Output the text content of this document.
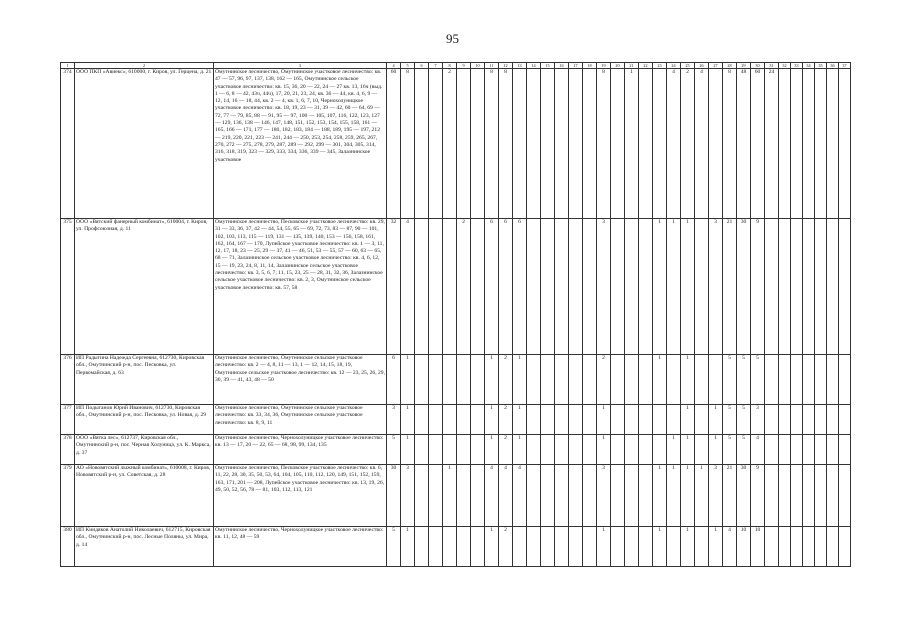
95
1	2	3	4	5	6	7	8	9	10	11	12	13	14	15	16	17	18	19	20	21	22	23	24	25	26	27	28	29	30	31	32	33	34	35	36	37
374	ООО ПКП «Авиекс», 610000, г. Киров, ул. Герцена, д. 21	Омутнинское лесничество, Омутнинское участковое лесничество: кв. 47 — 57, 96, 97, 137, 138, 162 — 165, Омутнинское сельское участковое лесничество: кв. 15, 36, 20 — 22, 24 — 27 кв. 13, 16ч (выд. 1 — 6, 8 — 42, 43ч, 44ч), 17, 20, 21, 23, 24, кв. 36 — 44, кв. 4, 6, 9 — 12, 14, 16 — 18, 44, кв. 2 — 4, кв. 1, 6, 7, 10, Чернохолуницкое участковое лесничество: кв. 18, 19, 23 — 31, 39 — 42, 60 — 64, 69 — 72, 77 — 79, 85, 88 — 91, 95 — 97, 100 — 105, 107, 116, 122, 123, 127 — 129, 136, 138 — 146, 147, 148, 151, 152, 153, 154, 155, 158, 161 — 165, 166 — 171, 177 — 180, 182, 183, 184 — 188, 189, 195 — 197, 212 — 219, 220, 221, 223 — 241, 244 — 250, 253, 254, 258, 259, 265, 267, 270, 272 — 275, 278, 279, 287, 289 — 292, 299 — 301, 304, 305, 314, 316, 318, 319, 323 — 329, 333, 334, 336, 339 — 345, Залазнинское участковое	60	8			2			8	8							8		1			4	2	4		8	48	60	24						
375	ООО «Вятский фанерный комбинат», 610004, г. Киров, ул. Профсоюзная, д. 11	Омутнинское лесничество, Песковское участковое лесничество: кв. 29, 31 — 33, 36, 37, 42 — 44, 54, 55, 65 — 69, 72, 73, 83 — 87, 90 — 101, 102, 103, 113, 115 — 119, 131 — 135, 139, 140, 153 — 156, 158, 161, 162, 164, 167 — 170, Лупейское участковое лесничество: кв. 1 — 3, 11, 12, 17, 18, 23 — 25, 29 — 37, 41 — 46, 51, 53 — 55, 57 — 60, 63 — 65, 68 — 71, Залазнинское сельское участковое лесничество: кв. 4, 6, 12, 15 — 19, 23, 24, 8, 11, 14, Залазнинское сельское участковое лесничество: кв. 3, 5, 6, 7, 11, 15, 23, 25 — 28, 31, 32, 36, Залазнинское сельское участковое лесничество: кв. 2, 3, Омутнинское сельское участковое лесничество: кв. 57, 58	32	4				2		6	6	6						3				1	1	1		3	21	30	9							
376	ИП Радыгина Надежда Сергеевна, 612730, Кировская обл., Омутнинский р-н, пос. Песковка, ул. Первомайская, д. 63	Омутнинское лесничество, Омутнинское сельское участковое лесничество: кв. 2 — 4, 8, 11 — 13, 1 — 12, 14, 15, 18, 19, Омутнинское сельское участковое лесничество: кв. 12 — 23, 25, 26, 29, 30, 39 — 41, 43, 48 — 50	6	1						1	2	1						2				1		1			5	5	5							
377	ИП Подыганов Юрий Иванович, 612730, Кировская обл., Омутнинский р-н, пос. Песковка, ул. Новая, д. 29	Омутнинское лесничество, Омутнинское сельское участковое лесничество: кв. 33, 34, 36, Омутнинское сельское участковое лесничество: кв. 8, 9, 11	3	1						1	2	1						1						1		1	5	5	3							
378	ООО «Вятка лес», 612737, Кировская обл., Омутнинский р-н, пос. Черная Холуница, ул. К. Маркса, д. 37	Омутнинское лесничество, Чернохолуницкое участковое лесничество: кв. 13 — 17, 20 — 22, 65 — 68, 98, 99, 134, 135	5	1						1	2	1						1					1	1		1	5	5	4							
379	АО «Нововятский лыжный комбинат», 610008, г. Киров, Нововятский р-н, ул. Советская, д. 28	Омутнинское лесничество, Песковское участковое лесничество: кв. 6, 11, 22, 28, 30, 35, 50, 53, 64, 104, 105, 110, 112, 120, 149, 151, 152, 159, 163, 171, 201 — 208, Лупейское участковое лесничество: кв. 13, 19, 26, 49, 50, 52, 56, 78 — 81, 103, 112, 113, 121	30	3			1			4	4	4						3				1	1	1	1	3	21	30	9							
380	ИП Киндяков Анатолий Николаевич, 612715, Кировская обл., Омутнинский р-н, пос. Лесные Поляны, ул. Мира, д. 14	Омутнинское лесничество, Чернохолуницкое участковое лесничество: кв. 11, 12, 48 — 59	5	1						1	2							1				1		1		1	4	10	10							
